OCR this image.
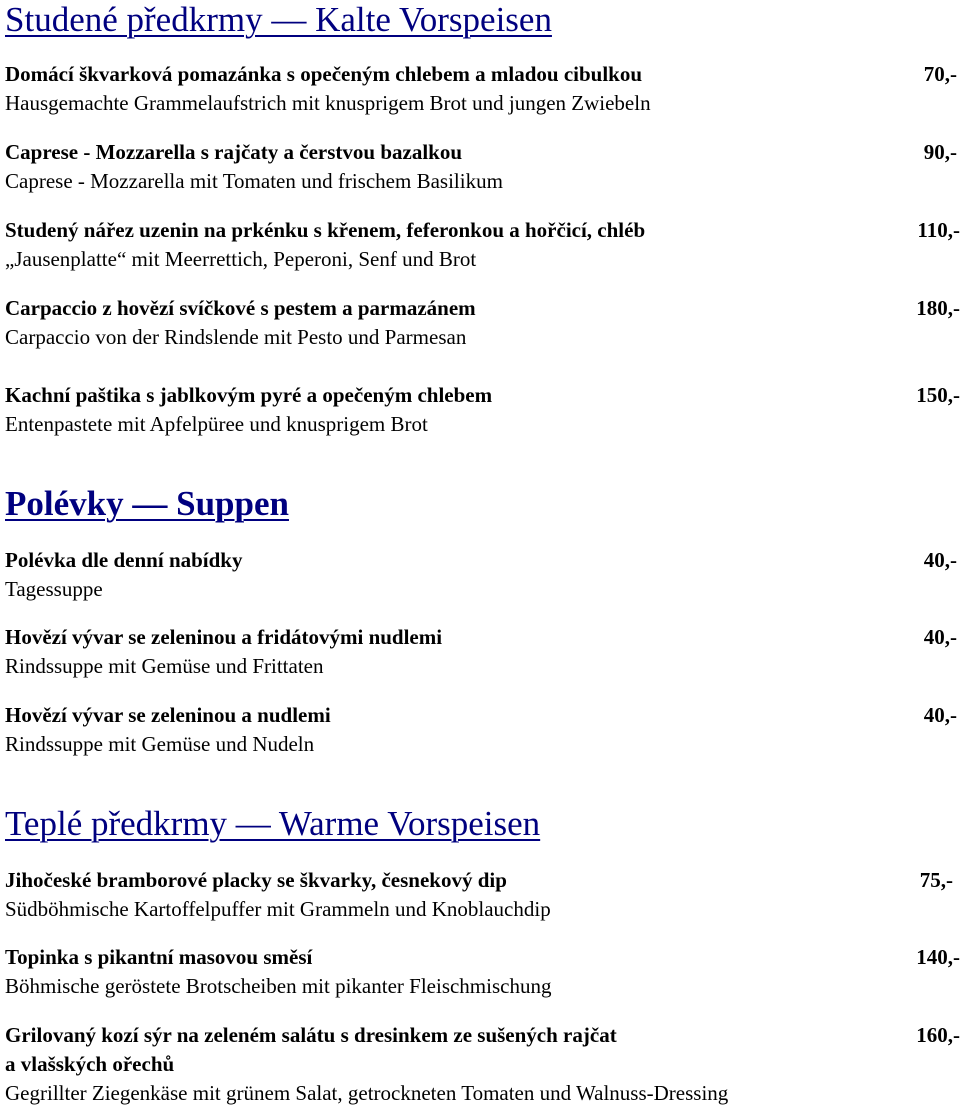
Studené předkrmy — Kalte Vorspeisen
Domácí škvarková pomazánka s opečeným chlebem a mladou cibulkou	70,-
Hausgemachte Grammelaufstrich mit knusprigem Brot und jungen Zwiebeln
Caprese - Mozzarella s rajčaty a čerstvou bazalkou	90,-
Caprese - Mozzarella mit Tomaten und frischem Basilikum
Studený nářez uzenin na prkénku s křenem, feferonkou a hořčicí, chléb	110,-
„Jausenplatte“ mit Meerrettich, Peperoni, Senf und Brot
Carpaccio z hovězí svíčkové s pestem a parmazánem	180,-
Carpaccio von der Rindslende mit Pesto und Parmesan
Kachní paštika s jablkovým pyré a opečeným chlebem	150,-
Entenpastete mit Apfelpüree und knusprigem Brot
Polévky — Suppen
Polévka dle denní nabídky	40,-
Tagessuppe
Hovězí vývar se zeleninou a fridátovými nudlemi	40,-
Rindssuppe mit Gemüse und Frittaten
Hovězí vývar se zeleninou a nudlemi	40,-
Rindssuppe mit Gemüse und Nudeln
Teplé předkrmy — Warme Vorspeisen
Jihočeské bramborové placky se škvarky, česnekový dip	75,-
Südböhmische Kartoffelpuffer mit Grammeln und Knoblauchdip
Topinka s pikantní masovou směsí	140,-
Böhmische geröstete Brotscheiben mit pikanter Fleischmischung
Grilovaný kozí sýr na zeleném salátu s dresinkem ze sušených rajčat	160,-
a vlašských ořechů
Gegrillter Ziegenkäse mit grünem Salat, getrockneten Tomaten und Walnuss-Dressing
